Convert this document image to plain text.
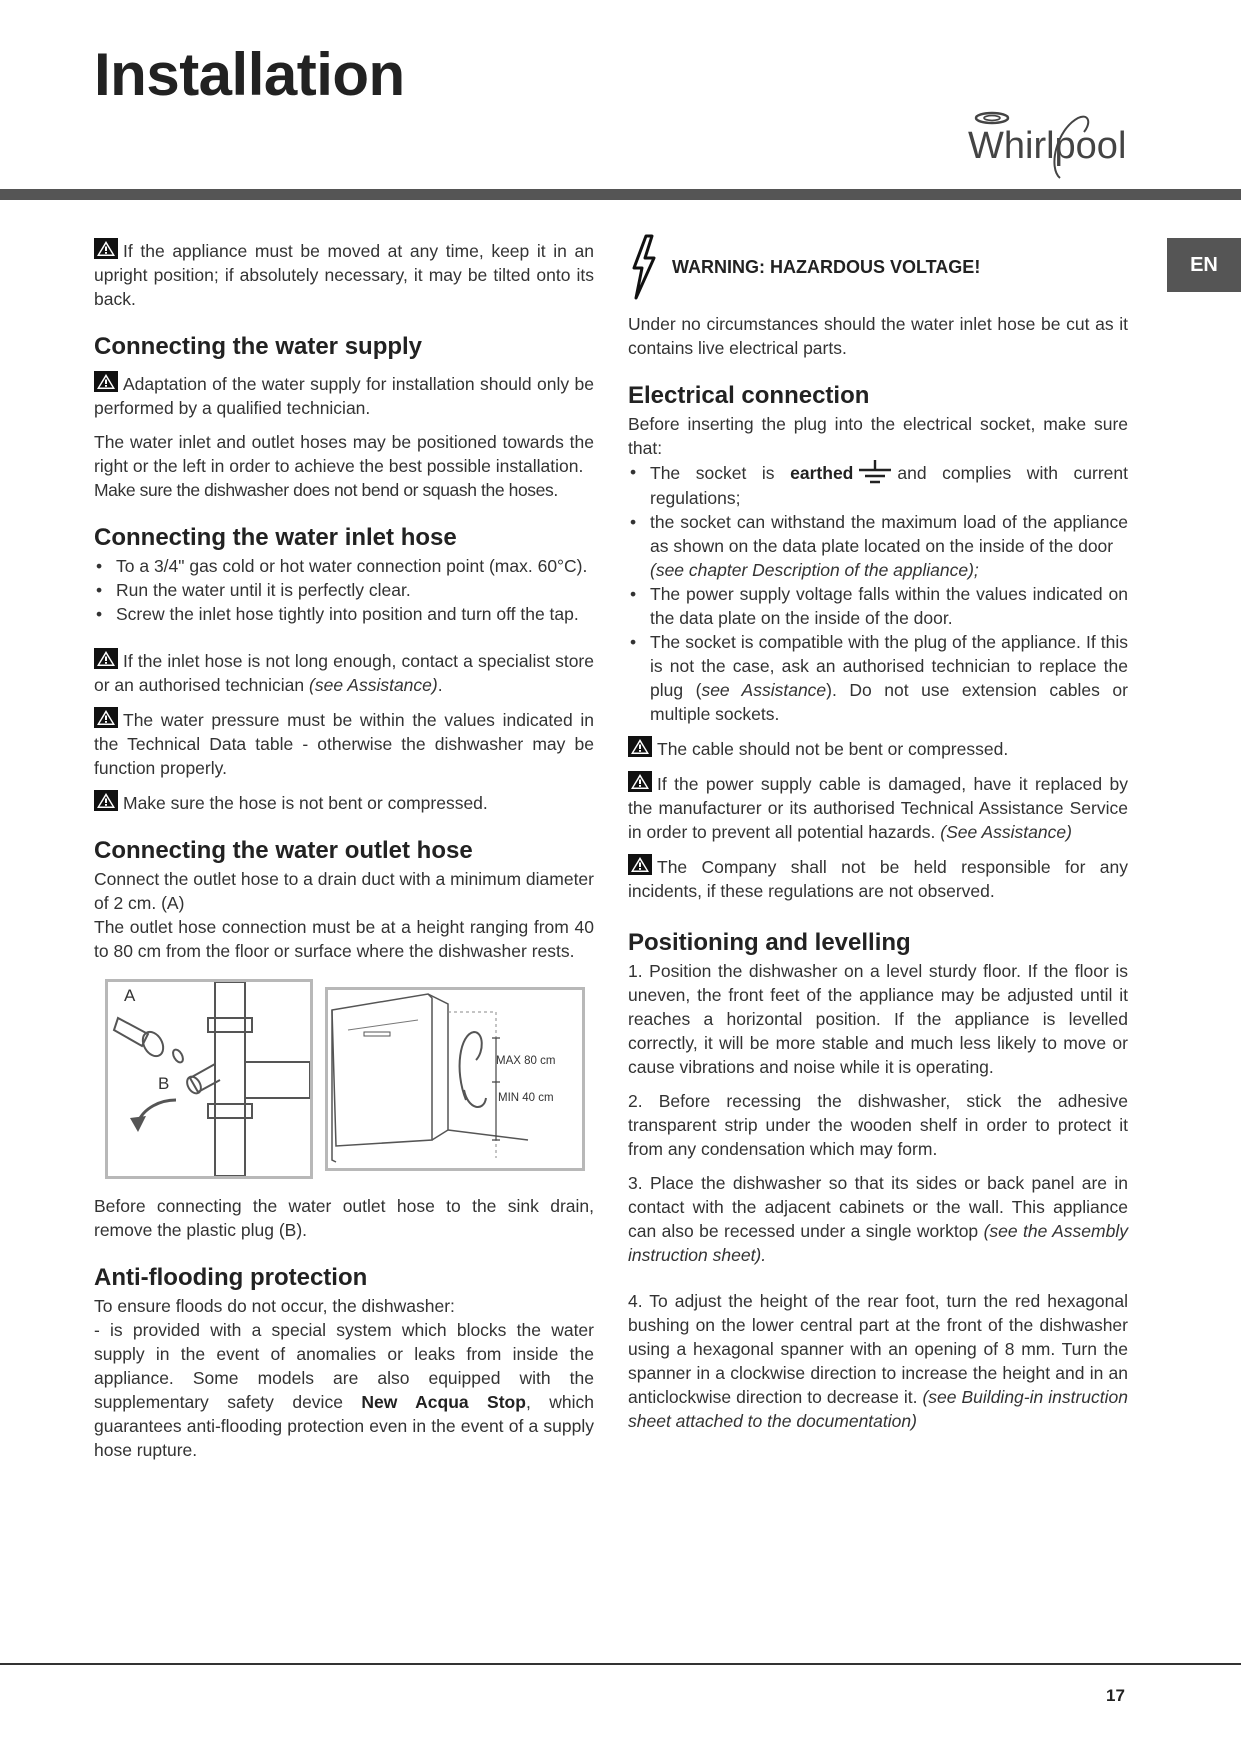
Installation
Whirlpool
EN

If the appliance must be moved at any time, keep it in an upright position; if absolutely necessary, it may be tilted onto its back.

Connecting the water supply

Adaptation of the water supply for installation should only be performed by a qualified technician.

The water inlet and outlet hoses may be positioned towards the right or the left in order to achieve the best possible installation.

Make sure the dishwasher does not bend or squash the hoses.

Connecting the water inlet hose
• To a 3/4" gas cold or hot water connection point (max. 60°C).
• Run the water until it is perfectly clear.
• Screw the inlet hose tightly into position and turn off the tap.

If the inlet hose is not long enough, contact a specialist store or an authorised technician (see Assistance).

The water pressure must be within the values indicated in the Technical Data table - otherwise the dishwasher may be function properly.

Make sure the hose is not bent or compressed.

Connecting the water outlet hose

Connect the outlet hose to a drain duct with a minimum diameter of 2 cm. (A)

The outlet hose connection must be at a height ranging from 40 to 80 cm from the floor or surface where the dishwasher rests.

A
B
MAX 80 cm
MIN 40 cm

Before connecting the water outlet hose to the sink drain, remove the plastic plug (B).

Anti-flooding protection

To ensure floods do not occur, the dishwasher:

- is provided with a special system which blocks the water supply in the event of anomalies or leaks from inside the appliance. Some models are also equipped with the supplementary safety device New Acqua Stop, which guarantees anti-flooding protection even in the event of a supply hose rupture.

WARNING: HAZARDOUS VOLTAGE!

Under no circumstances should the water inlet hose be cut as it contains live electrical parts.

Electrical connection

Before inserting the plug into the electrical socket, make sure that:

• The socket is earthed	and complies with current regulations;
• the socket can withstand the maximum load of the appliance as shown on the data plate located on the inside of the door

(see chapter Description of the appliance);

• The power supply voltage falls within the values indicated on the data plate on the inside of the door.
• The socket is compatible with the plug of the appliance. If this is not the case, ask an authorised technician to replace the plug (see Assistance). Do not use extension cables or multiple sockets.

The cable should not be bent or compressed.

If the power supply cable is damaged, have it replaced by the manufacturer or its authorised Technical Assistance Service in order to prevent all potential hazards. (See Assistance)

The Company shall not be held responsible for any incidents, if these regulations are not observed.

Positioning and levelling

1. Position the dishwasher on a level sturdy floor. If the floor is uneven, the front feet of the appliance may be adjusted until it reaches a horizontal position. If the appliance is levelled correctly, it will be more stable and much less likely to move or cause vibrations and noise while it is operating.

2. Before recessing the dishwasher, stick the adhesive transparent strip under the wooden shelf in order to protect it from any condensation which may form.

3. Place the dishwasher so that its sides or back panel are in contact with the adjacent cabinets or the wall. This appliance can also be recessed under a single worktop (see the Assembly instruction sheet).

4. To adjust the height of the rear foot, turn the red hexagonal bushing on the lower central part at the front of the dishwasher using a hexagonal spanner with an opening of 8 mm. Turn the spanner in a clockwise direction to increase the height and in an anticlockwise direction to decrease it. (see Building-in instruction sheet attached to the documentation)

17
